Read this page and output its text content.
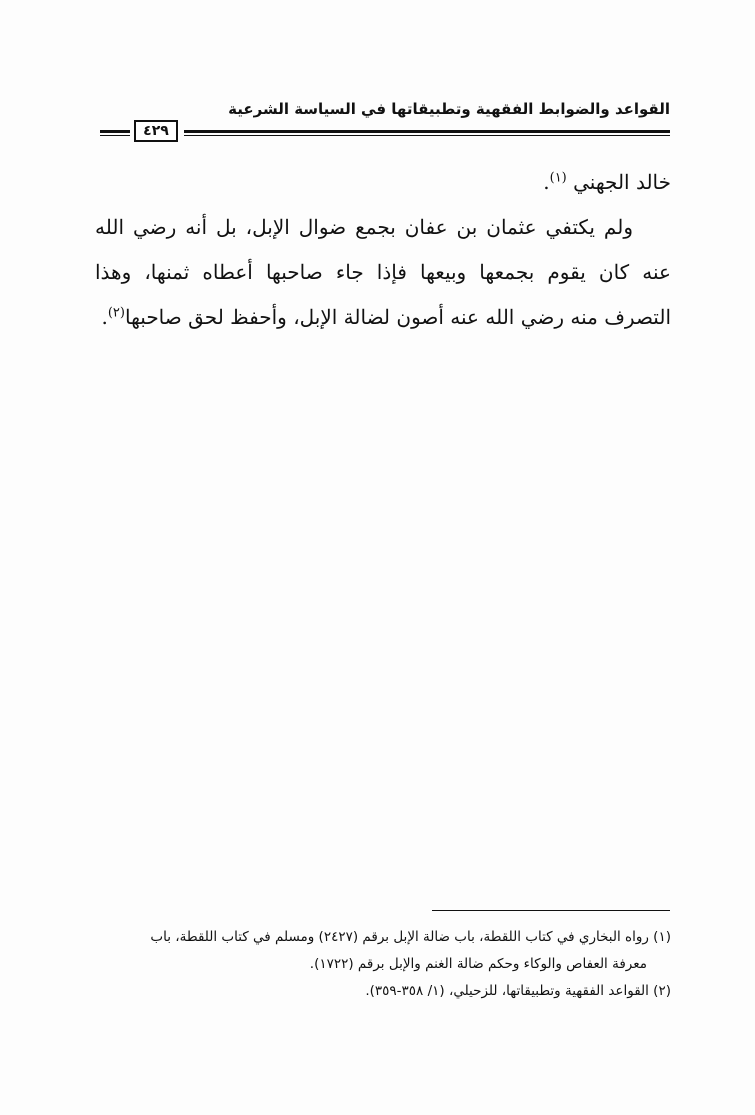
القواعد والضوابط الفقهية وتطبيقاتها في السياسة الشرعية
٤٢٩

خالد الجهني $^{(١)}$.

ولم يكتفي عثمان بن عفان بجمع ضوال الإبل، بل أنه رضي الله عنه كان يقوم بجمعها وبيعها فإذا جاء صاحبها أعطاه ثمنها، وهذا التصرف منه رضي الله عنه أصون لضالة الإبل، وأحفظ لحق صاحبها$^{(٢)}$.

(١) رواه البخاري في كتاب اللقطة، باب ضالة الإبل برقم (٢٤٢٧) ومسلم في كتاب اللقطة، باب

معرفة العفاص والوكاء وحكم ضالة الغنم والإبل برقم (١٧٢٢).

(٢) القواعد الفقهية وتطبيقاتها، للزحيلي، (١/ ٣٥٨-٣٥٩).
